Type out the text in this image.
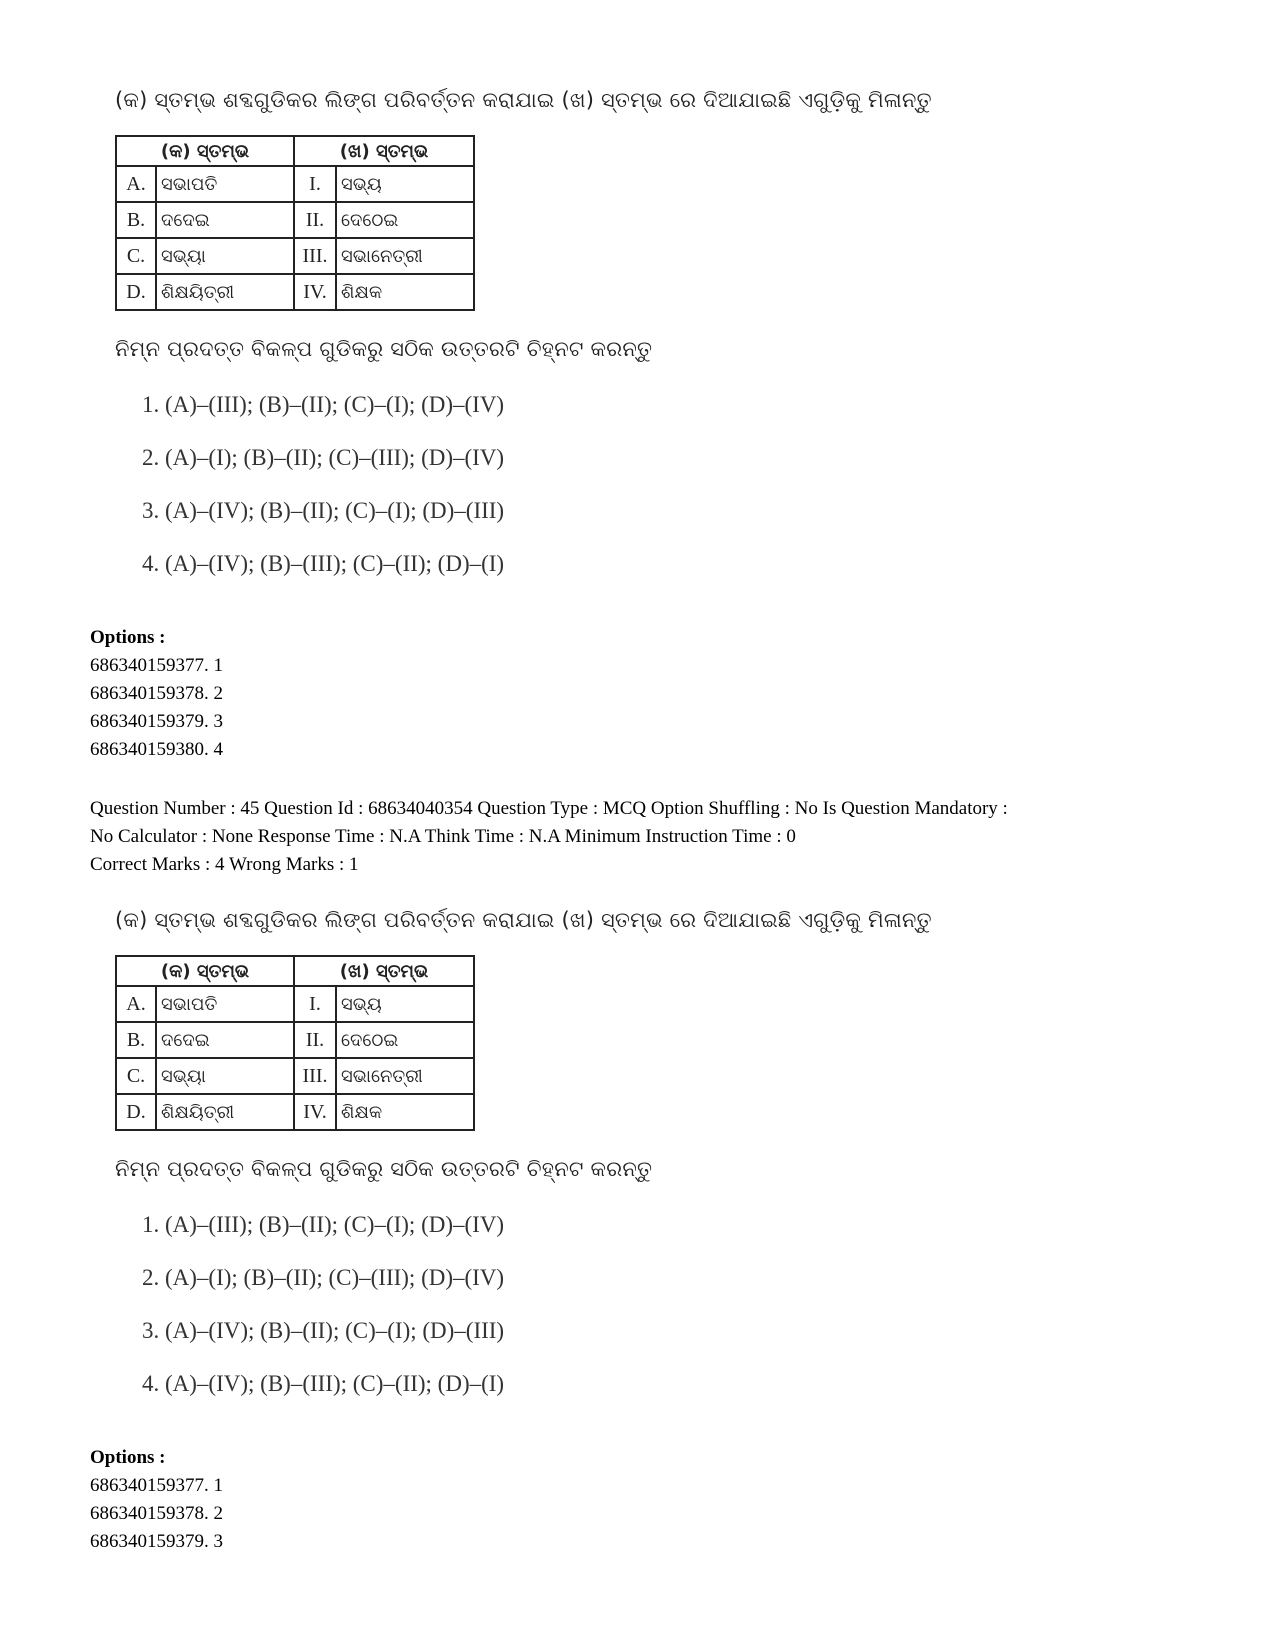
(କ) ସ୍ତମ୍ଭ ଶବ୍ଦଗୁଡିକର ଲିଙ୍ଗ ପରିବର୍ତ୍ତନ କରାଯାଇ (ଖ) ସ୍ତମ୍ଭ ରେ ଦିଆଯାଇଛି ଏଗୁଡ଼ିକୁ ମିଳାନ୍ତୁ
(କ) ସ୍ତମ୍ଭ		(ଖ) ସ୍ତମ୍ଭ	
A.	ସଭାପତି	I.	ସଭ୍ୟ
B.	ଦଦେଇ	II.	ଦେଠେଇ
C.	ସଭ୍ୟା	III.	ସଭାନେତ୍ରୀ
D.	ଶିକ୍ଷୟିତ୍ରୀ	IV.	ଶିକ୍ଷକ
ନିମ୍ନ ପ୍ରଦତ୍ତ ବିକଳ୍ପ ଗୁଡିକରୁ ସଠିକ ଉତ୍ତରଟି ଚିହ୍ନଟ କରନ୍ତୁ
1. (A)–(III); (B)–(II); (C)–(I); (D)–(IV)
2. (A)–(I); (B)–(II); (C)–(III); (D)–(IV)
3. (A)–(IV); (B)–(II); (C)–(I); (D)–(III)
4. (A)–(IV); (B)–(III); (C)–(II); (D)–(I)
Options :
686340159377. 1
686340159378. 2
686340159379. 3
686340159380. 4
Question Number : 45 Question Id : 68634040354 Question Type : MCQ Option Shuffling : No Is Question Mandatory :
No Calculator : None Response Time : N.A Think Time : N.A Minimum Instruction Time : 0
Correct Marks : 4 Wrong Marks : 1
(କ) ସ୍ତମ୍ଭ ଶବ୍ଦଗୁଡିକର ଲିଙ୍ଗ ପରିବର୍ତ୍ତନ କରାଯାଇ (ଖ) ସ୍ତମ୍ଭ ରେ ଦିଆଯାଇଛି ଏଗୁଡ଼ିକୁ ମିଳାନ୍ତୁ
(କ) ସ୍ତମ୍ଭ		(ଖ) ସ୍ତମ୍ଭ	
A.	ସଭାପତି	I.	ସଭ୍ୟ
B.	ଦଦେଇ	II.	ଦେଠେଇ
C.	ସଭ୍ୟା	III.	ସଭାନେତ୍ରୀ
D.	ଶିକ୍ଷୟିତ୍ରୀ	IV.	ଶିକ୍ଷକ
ନିମ୍ନ ପ୍ରଦତ୍ତ ବିକଳ୍ପ ଗୁଡିକରୁ ସଠିକ ଉତ୍ତରଟି ଚିହ୍ନଟ କରନ୍ତୁ
1. (A)–(III); (B)–(II); (C)–(I); (D)–(IV)
2. (A)–(I); (B)–(II); (C)–(III); (D)–(IV)
3. (A)–(IV); (B)–(II); (C)–(I); (D)–(III)
4. (A)–(IV); (B)–(III); (C)–(II); (D)–(I)
Options :
686340159377. 1
686340159378. 2
686340159379. 3
